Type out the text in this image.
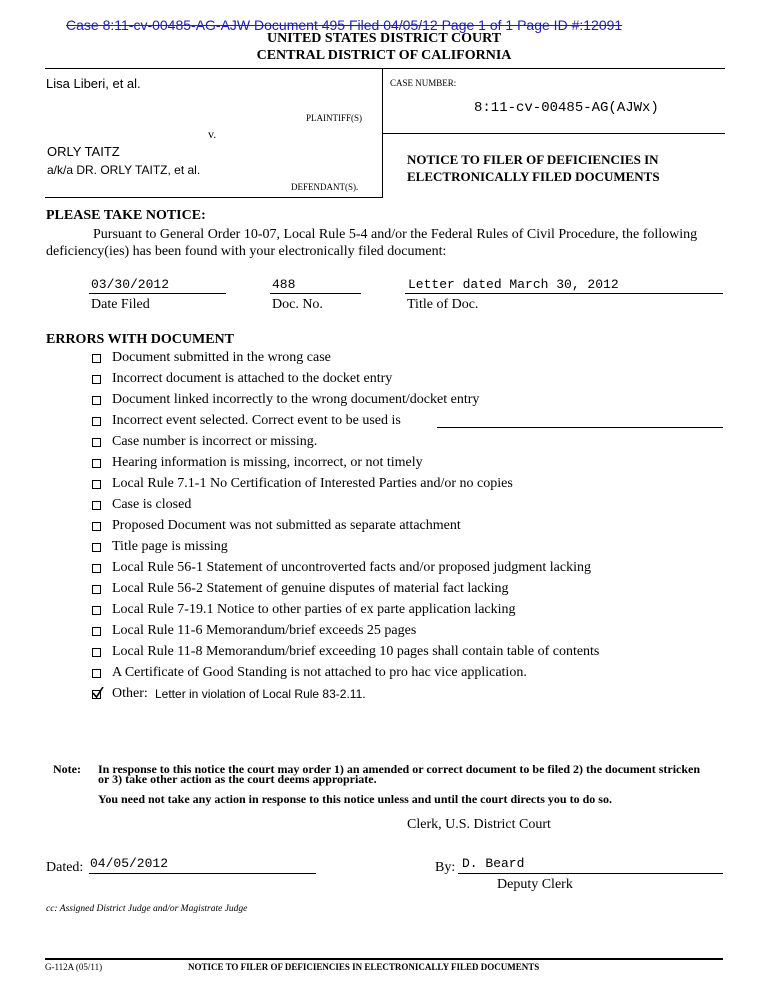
Case 8:11-cv-00485-AG-AJW Document 495 Filed 04/05/12 Page 1 of 1 Page ID #:12091
UNITED STATES DISTRICT COURT
CENTRAL DISTRICT OF CALIFORNIA
Lisa Liberi, et al.
PLAINTIFF(S)
v.
ORLY TAITZ
a/k/a DR. ORLY TAITZ, et al.
DEFENDANT(S).
CASE NUMBER:
8:11-cv-00485-AG(AJWx)
NOTICE TO FILER OF DEFICIENCIES IN
ELECTRONICALLY FILED DOCUMENTS
PLEASE TAKE NOTICE:
Pursuant to General Order 10-07, Local Rule 5-4 and/or the Federal Rules of Civil Procedure, the following
deficiency(ies) has been found with your electronically filed document:
03/30/2012
Date Filed
488
Doc. No.
Letter dated March 30, 2012
Title of Doc.
ERRORS WITH DOCUMENT
Document submitted in the wrong case
Incorrect document is attached to the docket entry
Document linked incorrectly to the wrong document/docket entry
Incorrect event selected. Correct event to be used is
Case number is incorrect or missing.
Hearing information is missing, incorrect, or not timely
Local Rule 7.1-1 No Certification of Interested Parties and/or no copies
Case is closed
Proposed Document was not submitted as separate attachment
Title page is missing
Local Rule 56-1 Statement of uncontroverted facts and/or proposed judgment lacking
Local Rule 56-2 Statement of genuine disputes of material fact lacking
Local Rule 7-19.1 Notice to other parties of ex parte application lacking
Local Rule 11-6 Memorandum/brief exceeds 25 pages
Local Rule 11-8 Memorandum/brief exceeding 10 pages shall contain table of contents
A Certificate of Good Standing is not attached to pro hac vice application.
Other: Letter in violation of Local Rule 83-2.11.
Note: In response to this notice the court may order 1) an amended or correct document to be filed 2) the document stricken
or 3) take other action as the court deems appropriate.
You need not take any action in response to this notice unless and until the court directs you to do so.
Clerk, U.S. District Court
Dated: 04/05/2012	By: D. Beard
Deputy Clerk
cc: Assigned District Judge and/or Magistrate Judge
G-112A (05/11)	NOTICE TO FILER OF DEFICIENCIES IN ELECTRONICALLY FILED DOCUMENTS
